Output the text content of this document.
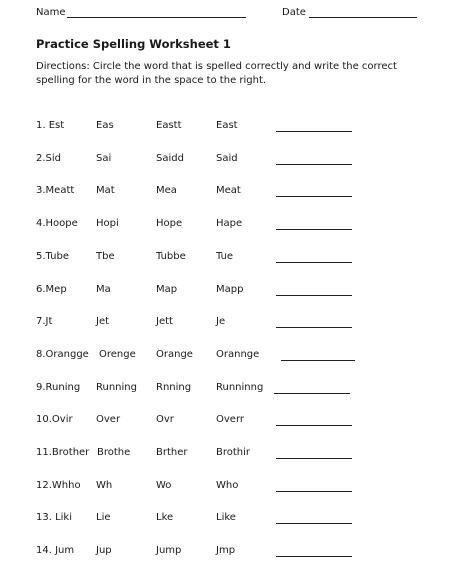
Name	Date
Practice Spelling Worksheet 1
Directions: Circle the word that is spelled correctly and write the correct spelling for the word in the space to the right.
1. Est	Eas	Eastt	East
2.Sid	Sai	Saidd	Said
3.Meatt Mat	Mea	Meat
4.Hoope Hopi	Hope	Hape
5.Tube	Tbe	Tubbe	Tue
6.Mep	Ma	Map	Mapp
7.Jt	Jet	Jett	Je
8.Orangge Orenge Orange Orannge
9.Runing Running Rnning Runninng
10.Ovir Over	Ovr	Overr
11.Brother Brothe	Brther	Brothir
12.Whho Wh	Wo	Who
13. Liki Lie	Lke	Like
14. Jum Jup	Jump	Jmp
